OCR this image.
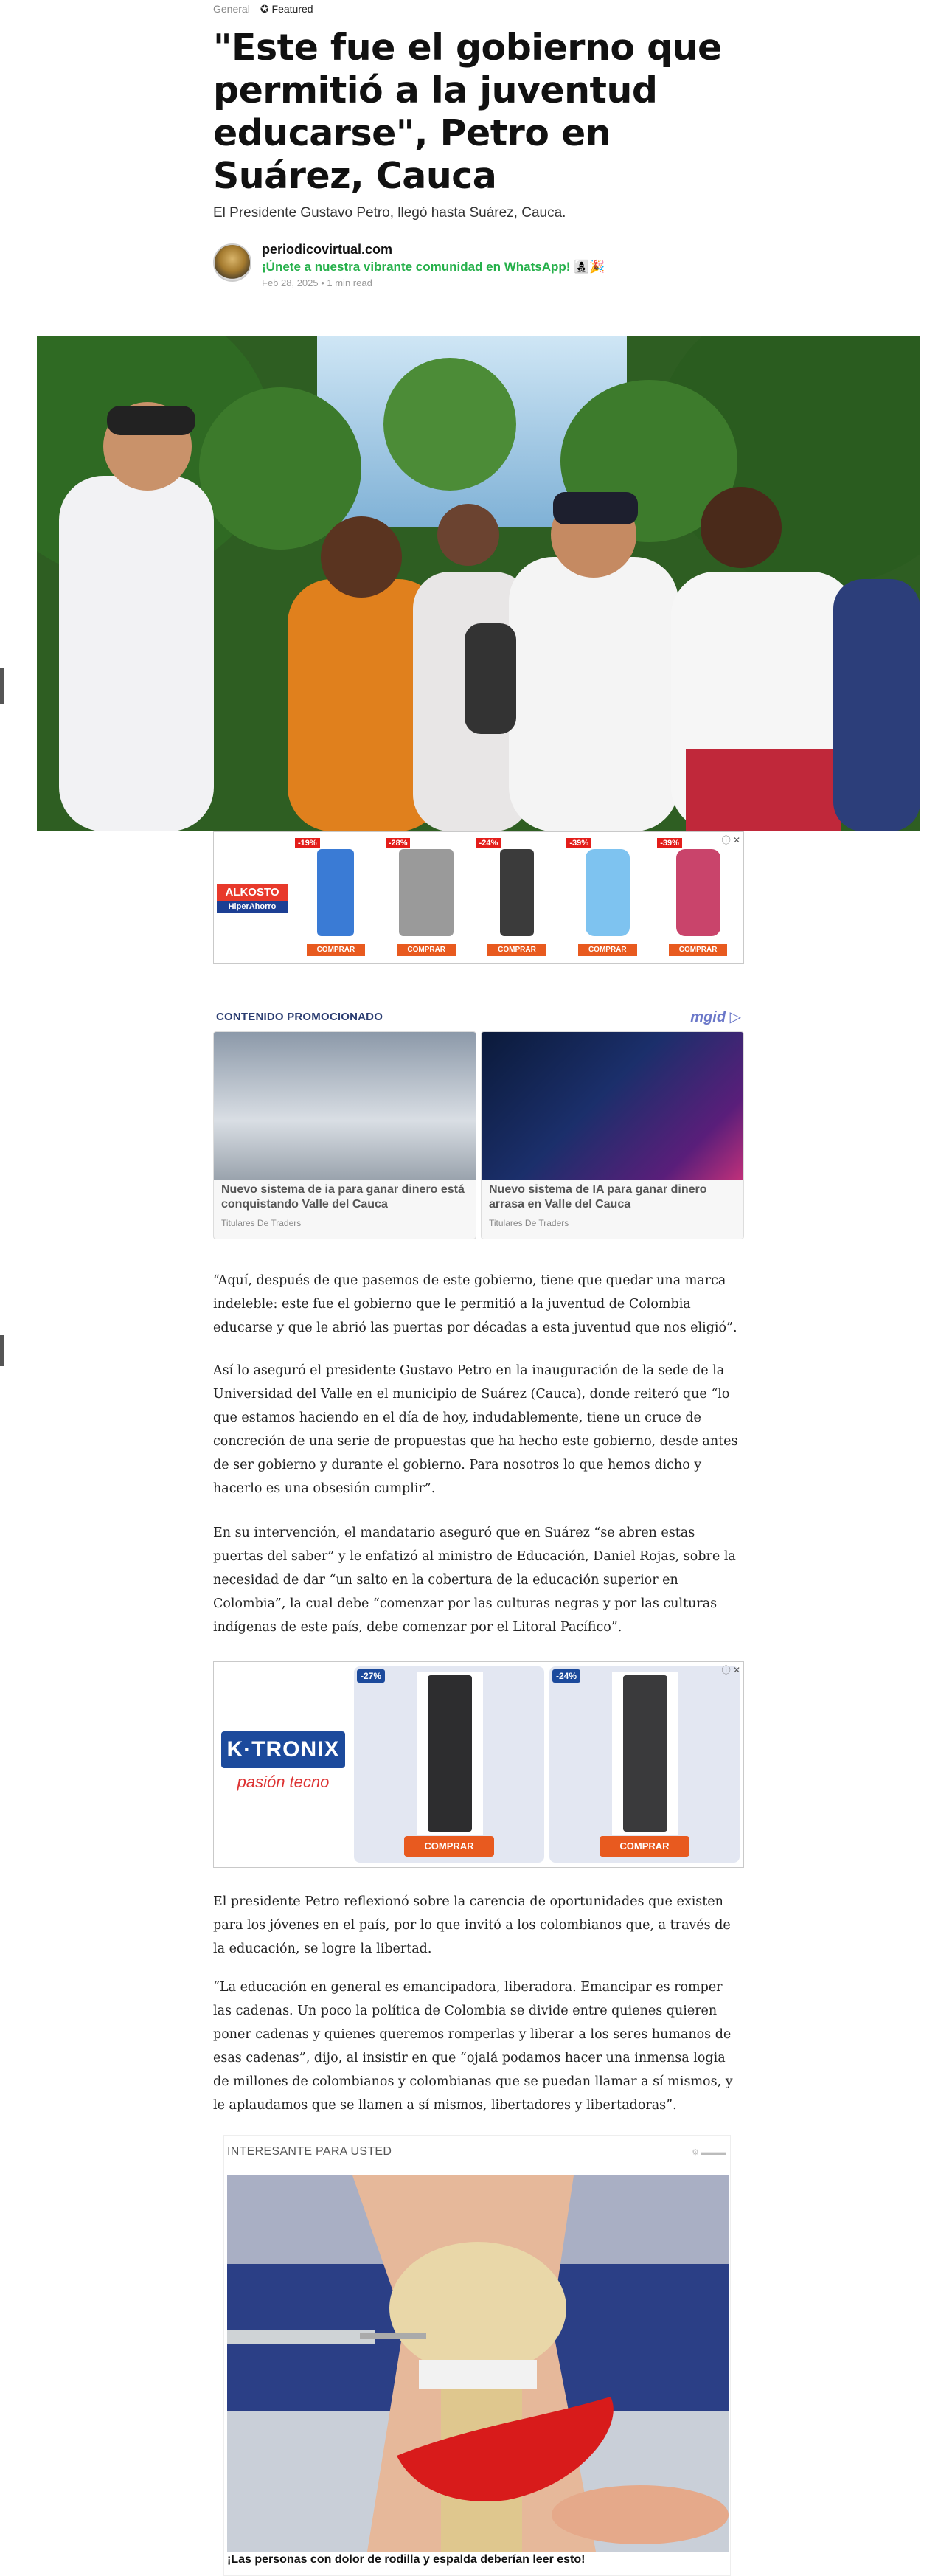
General ✪ Featured
"Este fue el gobierno que permitió a la juventud educarse", Petro en Suárez, Cauca
El Presidente Gustavo Petro, llegó hasta Suárez, Cauca.
periodicovirtual.com
¡Únete a nuestra vibrante comunidad en WhatsApp! 👩‍👧‍👦🎉
Feb 28, 2025 • 1 min read
ALKOSTO
HiperAhorro
-19%
COMPRAR
-28%
COMPRAR
-24%
COMPRAR
-39%
COMPRAR
-39%
COMPRAR
ⓘ ✕
CONTENIDO PROMOCIONADO	mgid ▷
Nuevo sistema de ia para ganar dinero está conquistando Valle del Cauca
Titulares De Traders
Nuevo sistema de IA para ganar dinero arrasa en Valle del Cauca
Titulares De Traders

“Aquí, después de que pasemos de este gobierno, tiene que quedar una marca indeleble: este fue el gobierno que le permitió a la juventud de Colombia educarse y que le abrió las puertas por décadas a esta juventud que nos eligió”.

Así lo aseguró el presidente Gustavo Petro en la inauguración de la sede de la Universidad del Valle en el municipio de Suárez (Cauca), donde reiteró que “lo que estamos haciendo en el día de hoy, indudablemente, tiene un cruce de concreción de una serie de propuestas que ha hecho este gobierno, desde antes de ser gobierno y durante el gobierno. Para nosotros lo que hemos dicho y hacerlo es una obsesión cumplir”.

En su intervención, el mandatario aseguró que en Suárez “se abren estas puertas del saber” y le enfatizó al ministro de Educación, Daniel Rojas, sobre la necesidad de dar “un salto en la cobertura de la educación superior en Colombia”, la cual debe “comenzar por las culturas negras y por las culturas indígenas de este país, debe comenzar por el Litoral Pacífico”.

K·TRONIX
pasión tecno
-27%
COMPRAR
-24%
COMPRAR
ⓘ ✕

El presidente Petro reflexionó sobre la carencia de oportunidades que existen para los jóvenes en el país, por lo que invitó a los colombianos que, a través de la educación, se logre la libertad.

“La educación en general es emancipadora, liberadora. Emancipar es romper las cadenas. Un poco la política de Colombia se divide entre quienes quieren poner cadenas y quienes queremos romperlas y liberar a los seres humanos de esas cadenas”, dijo, al insistir en que “ojalá podamos hacer una inmensa logia de millones de colombianos y colombianas que se puedan llamar a sí mismos, y le aplaudamos que se llamen a sí mismos, libertadores y libertadoras”.

INTERESANTE PARA USTED	⚙ ▬▬▬
¡Las personas con dolor de rodilla y espalda deberían leer esto!
